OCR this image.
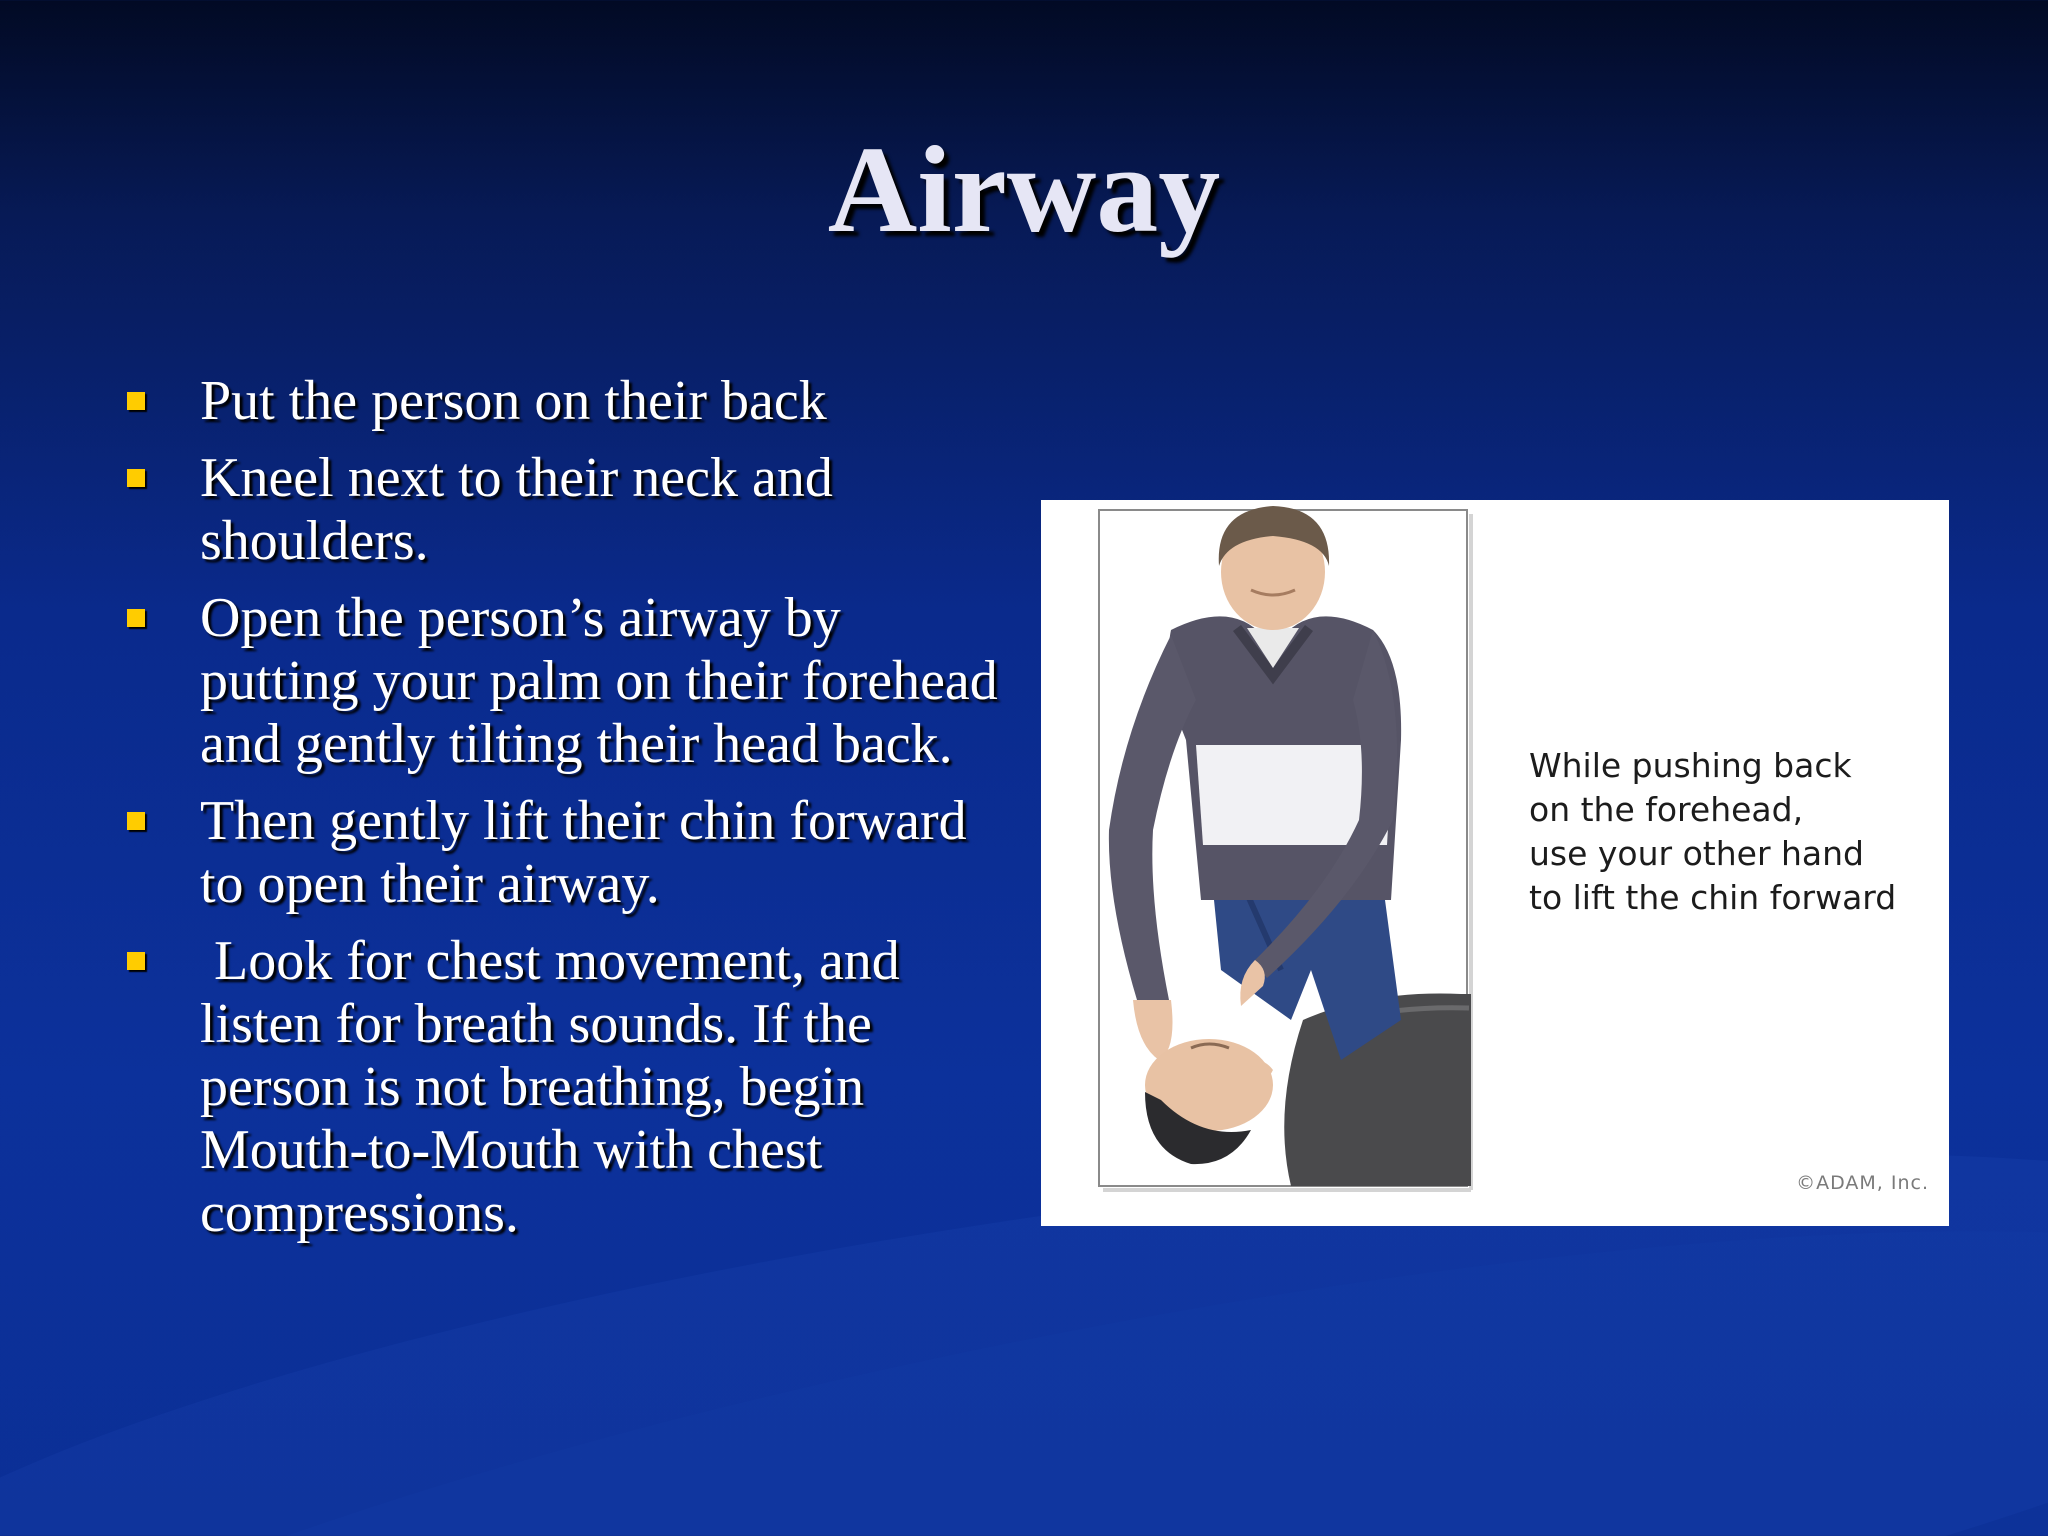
Airway
Put the person on their back
Kneel next to their neck and shoulders.
Open the person’s airway by putting your palm on their forehead and gently tilting their head back.
Then gently lift their chin forward to open their airway.
Look for chest movement, and listen for breath sounds. If the person is not breathing, begin Mouth-to-Mouth with chest compressions.
While pushing back
on the forehead,
use your other hand
to lift the chin forward
©ADAM, Inc.
